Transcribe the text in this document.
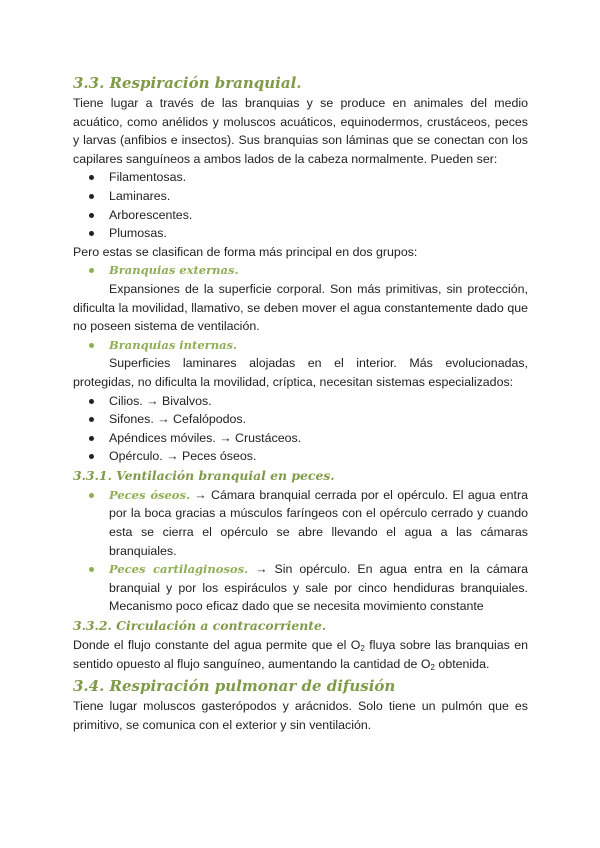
3.3. Respiración branquial.

Tiene lugar a través de las branquias y se produce en animales del medio acuático, como anélidos y moluscos acuáticos, equinodermos, crustáceos, peces y larvas (anfibios e insectos). Sus branquias son láminas que se conectan con los capilares sanguíneos a ambos lados de la cabeza normalmente. Pueden ser:

Filamentosas.
Laminares.
Arborescentes.
Plumosas.

Pero estas se clasifican de forma más principal en dos grupos:

Branquias externas.

Expansiones de la superficie corporal. Son más primitivas, sin protección, dificulta la movilidad, llamativo, se deben mover el agua constantemente dado que no poseen sistema de ventilación.

Branquias internas.

Superficies laminares alojadas en el interior. Más evolucionadas, protegidas, no dificulta la movilidad, críptica, necesitan sistemas especializados:

Cilios. → Bivalvos.
Sifones. → Cefalópodos.
Apéndices móviles. → Crustáceos.
Opérculo. → Peces óseos.
3.3.1. Ventilación branquial en peces.
Peces óseos. → Cámara branquial cerrada por el opérculo. El agua entra por la boca gracias a músculos faríngeos con el opérculo cerrado y cuando esta se cierra el opérculo se abre llevando el agua a las cámaras branquiales.
Peces cartilaginosos. → Sin opérculo. En agua entra en la cámara branquial y por los espiráculos y sale por cinco hendiduras branquiales. Mecanismo poco eficaz dado que se necesita movimiento constante
3.3.2. Circulación a contracorriente.

Donde el flujo constante del agua permite que el $O_2$ fluya sobre las branquias en sentido opuesto al flujo sanguíneo, aumentando la cantidad de $O_2$ obtenida.

3.4. Respiración pulmonar de difusión

Tiene lugar moluscos gasterópodos y arácnidos. Solo tiene un pulmón que es primitivo, se comunica con el exterior y sin ventilación.
